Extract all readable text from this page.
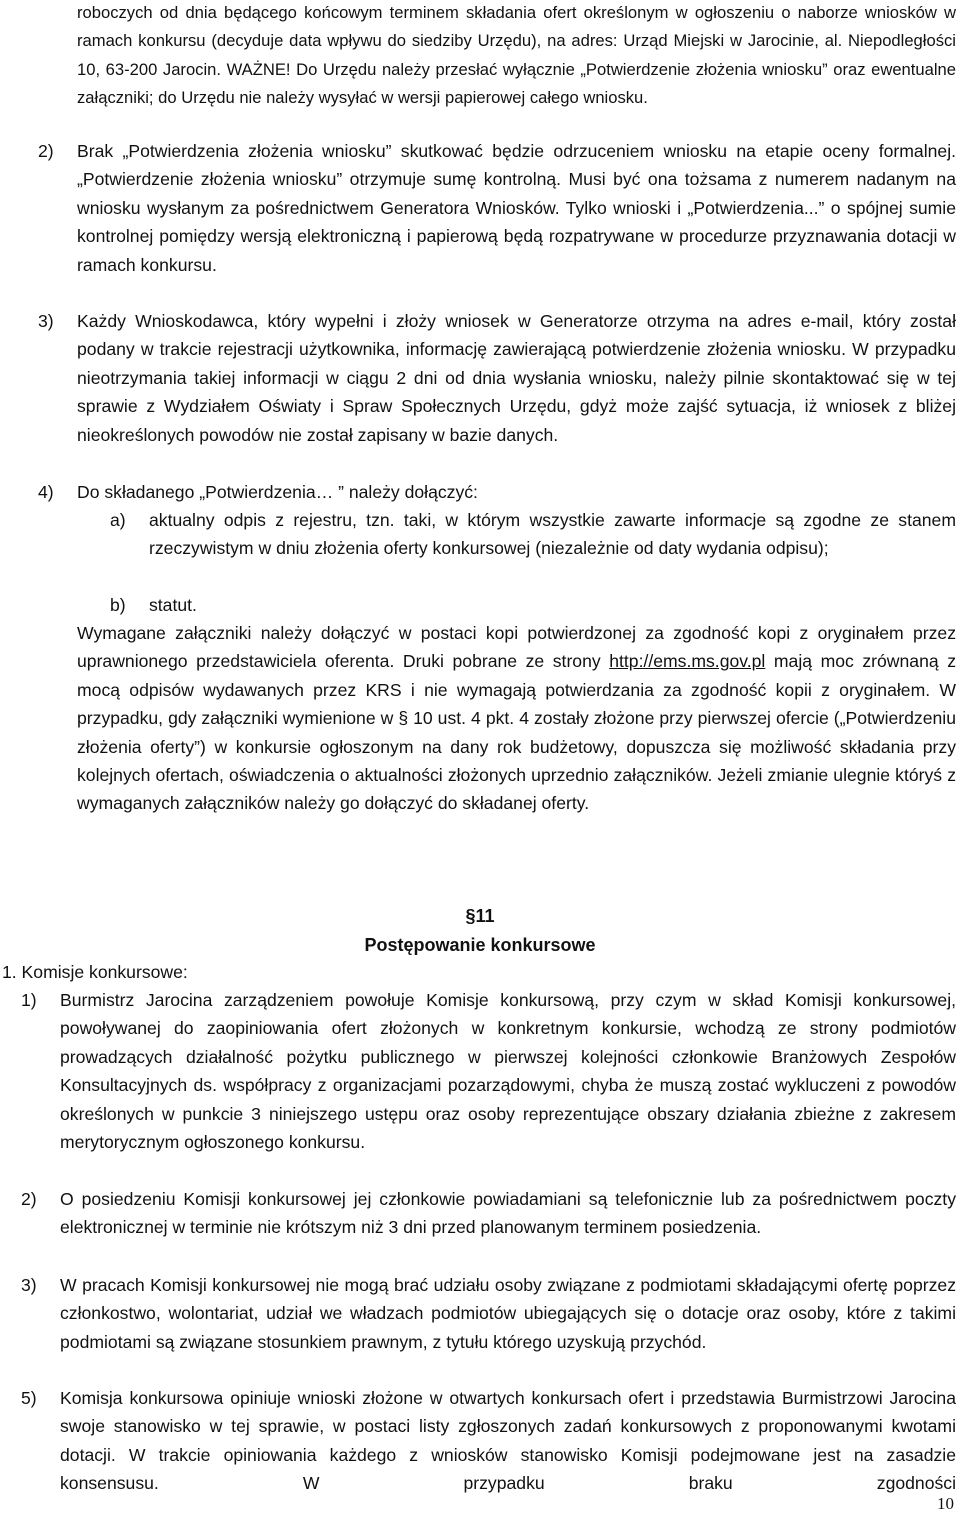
roboczych od dnia będącego końcowym terminem składania ofert określonym w ogłoszeniu o naborze wniosków w ramach konkursu (decyduje data wpływu do siedziby Urzędu), na adres: Urząd Miejski w Jarocinie, al. Niepodległości 10, 63-200 Jarocin. WAŻNE! Do Urzędu należy przesłać wyłącznie „Potwierdzenie złożenia wniosku” oraz ewentualne załączniki; do Urzędu nie należy wysyłać w wersji papierowej całego wniosku.

2) Brak „Potwierdzenia złożenia wniosku” skutkować będzie odrzuceniem wniosku na etapie oceny formalnej. „Potwierdzenie złożenia wniosku” otrzymuje sumę kontrolną. Musi być ona tożsama z numerem nadanym na wniosku wysłanym za pośrednictwem Generatora Wniosków. Tylko wnioski i „Potwierdzenia...” o spójnej sumie kontrolnej pomiędzy wersją elektroniczną i papierową będą rozpatrywane w procedurze przyznawania dotacji w ramach konkursu.

3) Każdy Wnioskodawca, który wypełni i złoży wniosek w Generatorze otrzyma na adres e-mail, który został podany w trakcie rejestracji użytkownika, informację zawierającą potwierdzenie złożenia wniosku. W przypadku nieotrzymania takiej informacji w ciągu 2 dni od dnia wysłania wniosku, należy pilnie skontaktować się w tej sprawie z Wydziałem Oświaty i Spraw Społecznych Urzędu, gdyż może zajść sytuacja, iż wniosek z bliżej nieokreślonych powodów nie został zapisany w bazie danych.

4) Do składanego „Potwierdzenia… ” należy dołączyć:

a) aktualny odpis z rejestru, tzn. taki, w którym wszystkie zawarte informacje są zgodne ze stanem rzeczywistym w dniu złożenia oferty konkursowej (niezależnie od daty wydania odpisu);

b) statut.

Wymagane załączniki należy dołączyć w postaci kopi potwierdzonej za zgodność kopi z oryginałem przez uprawnionego przedstawiciela oferenta. Druki pobrane ze strony http://ems.ms.gov.pl mają moc zrównaną z mocą odpisów wydawanych przez KRS i nie wymagają potwierdzania za zgodność kopii z oryginałem. W przypadku, gdy załączniki wymienione w § 10 ust. 4 pkt. 4 zostały złożone przy pierwszej ofercie („Potwierdzeniu złożenia oferty”) w konkursie ogłoszonym na dany rok budżetowy, dopuszcza się możliwość składania przy kolejnych ofertach, oświadczenia o aktualności złożonych uprzednio załączników. Jeżeli zmianie ulegnie któryś z wymaganych załączników należy go dołączyć do składanej oferty.

§11
Postępowanie konkursowe
1. Komisje konkursowe:
1) Burmistrz Jarocina zarządzeniem powołuje Komisje konkursową, przy czym w skład Komisji konkursowej, powoływanej do zaopiniowania ofert złożonych w konkretnym konkursie, wchodzą ze strony podmiotów prowadzących działalność pożytku publicznego w pierwszej kolejności członkowie Branżowych Zespołów Konsultacyjnych ds. współpracy z organizacjami pozarządowymi, chyba że muszą zostać wykluczeni z powodów określonych w punkcie 3 niniejszego ustępu oraz osoby reprezentujące obszary działania zbieżne z zakresem merytorycznym ogłoszonego konkursu.

2) O posiedzeniu Komisji konkursowej jej członkowie powiadamiani są telefonicznie lub za pośrednictwem poczty elektronicznej w terminie nie krótszym niż 3 dni przed planowanym terminem posiedzenia.

3) W pracach Komisji konkursowej nie mogą brać udziału osoby związane z podmiotami składającymi ofertę poprzez członkostwo, wolontariat, udział we władzach podmiotów ubiegających się o dotacje oraz osoby, które z takimi podmiotami są związane stosunkiem prawnym, z tytułu którego uzyskują przychód.

5) Komisja konkursowa opiniuje wnioski złożone w otwartych konkursach ofert i przedstawia Burmistrzowi Jarocina swoje stanowisko w tej sprawie, w postaci listy zgłoszonych zadań konkursowych z proponowanymi kwotami dotacji. W trakcie opiniowania każdego z wniosków stanowisko Komisji podejmowane jest na zasadzie konsensusu. W przypadku braku zgodności

10
